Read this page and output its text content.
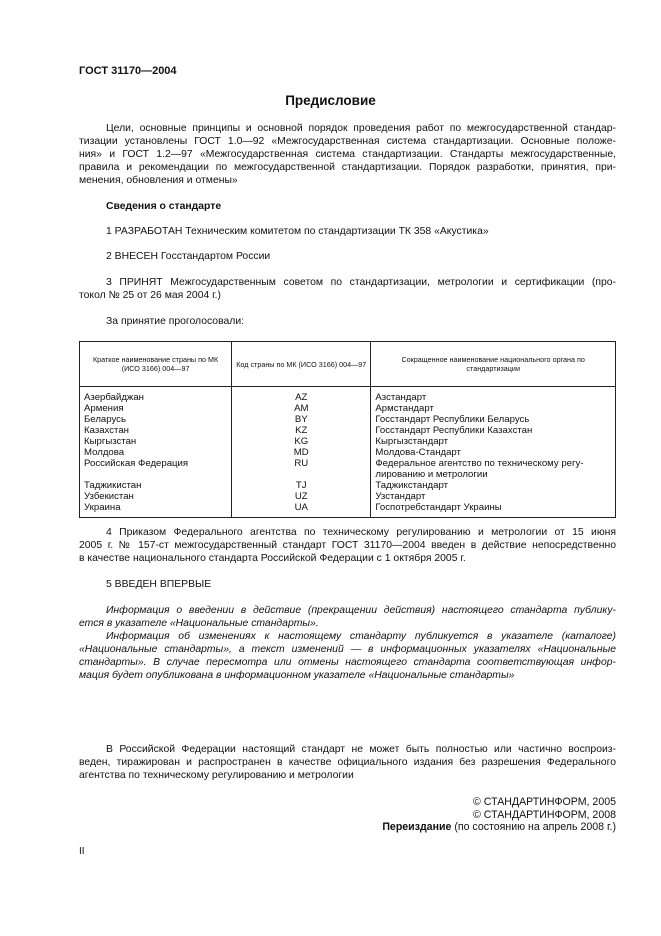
ГОСТ 31170—2004
Предисловие
Цели, основные принципы и основной порядок проведения работ по межгосударственной стандар-
тизации установлены ГОСТ 1.0—92 «Межгосударственная система стандартизации. Основные положе-
ния» и ГОСТ 1.2—97 «Межгосударственная система стандартизации. Стандарты межгосударственные,
правила и рекомендации по межгосударственной стандартизации. Порядок разработки, принятия, при-
менения, обновления и отмены»
Сведения о стандарте
1 РАЗРАБОТАН Техническим комитетом по стандартизации ТК 358 «Акустика»
2 ВНЕСЕН Госстандартом России
3 ПРИНЯТ Межгосударственным советом по стандартизации, метрологии и сертификации (про-
токол № 25 от 26 мая 2004 г.)
За принятие проголосовали:
Краткое наименование страны по МК (ИСО 3166) 004—97	Код страны по МК (ИСО 3166) 004—97	Сокращенное наименование национального органа по стандартизации
Азербайджан	AZ	Азстандарт
Армения	AM	Армстандарт
Беларусь	BY	Госстандарт Республики Беларусь
Казахстан	KZ	Госстандарт Республики Казахстан
Кыргызстан	KG	Кыргызстандарт
Молдова	MD	Молдова-Стандарт
Российская Федерация	RU	Федеральное агентство по техническому регу-лированию и метрологии
Таджикистан	TJ	Таджикстандарт
Узбекистан	UZ	Узстандарт
Украина	UA	Госпотребстандарт Украины
4 Приказом Федерального агентства по техническому регулированию и метрологии от 15 июня
2005 г. № 157-ст межгосударственный стандарт ГОСТ 31170—2004 введен в действие непосредственно
в качестве национального стандарта Российской Федерации с 1 октября 2005 г.
5 ВВЕДЕН ВПЕРВЫЕ
Информация о введении в действие (прекращении действия) настоящего стандарта публику-
ется в указателе «Национальные стандарты».
Информация об изменениях к настоящему стандарту публикуется в указателе (каталоге)
«Национальные стандарты», а текст изменений — в информационных указателях «Национальные
стандарты». В случае пересмотра или отмены настоящего стандарта соответствующая инфор-
мация будет опубликована в информационном указателе «Национальные стандарты»
В Российской Федерации настоящий стандарт не может быть полностью или частично воспроиз-
веден, тиражирован и распространен в качестве официального издания без разрешения Федерального
агентства по техническому регулированию и метрологии
© СТАНДАРТИНФОРМ, 2005
© СТАНДАРТИНФОРМ, 2008
Переиздание (по состоянию на апрель 2008 г.)
II
